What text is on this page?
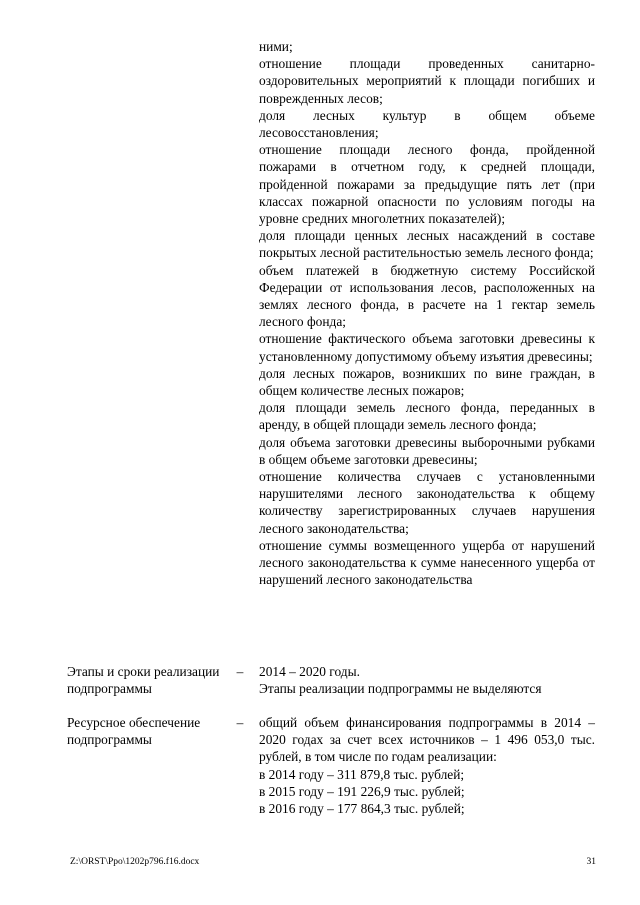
ними;

отношение площади проведенных санитарно-оздоровительных мероприятий к площади погибших и поврежденных лесов;

доля лесных культур в общем объеме лесовосстановления;

отношение площади лесного фонда, пройденной пожарами в отчетном году, к средней площади, пройденной пожарами за предыдущие пять лет (при классах пожарной опасности по условиям погоды на уровне средних многолетних показателей);

доля площади ценных лесных насаждений в составе покрытых лесной растительностью земель лесного фонда;

объем платежей в бюджетную систему Российской Федерации от использования лесов, расположенных на землях лесного фонда, в расчете на 1 гектар земель лесного фонда;

отношение фактического объема заготовки древесины к установленному допустимому объему изъятия древесины;

доля лесных пожаров, возникших по вине граждан, в общем количестве лесных пожаров;

доля площади земель лесного фонда, переданных в аренду, в общей площади земель лесного фонда;

доля объема заготовки древесины выборочными рубками в общем объеме заготовки древесины;

отношение количества случаев с установленными нарушителями лесного законодательства к общему количеству зарегистрированных случаев нарушения лесного законодательства;

отношение суммы возмещенного ущерба от нарушений лесного законодательства к сумме нанесенного ущерба от нарушений лесного законодательства

Этапы и сроки реализации подпрограммы
– 2014 – 2020 годы.

Этапы реализации подпрограммы не выделяются

Ресурсное обеспечение подпрограммы
– общий объем финансирования подпрограммы в 2014 – 2020 годах за счет всех источников – 1 496 053,0 тыс. рублей, в том числе по годам реализации:

в 2014 году – 311 879,8 тыс. рублей;

в 2015 году – 191 226,9 тыс. рублей;

в 2016 году – 177 864,3 тыс. рублей;

Z:\ORST\Ppo\1202p796.f16.docx	31
